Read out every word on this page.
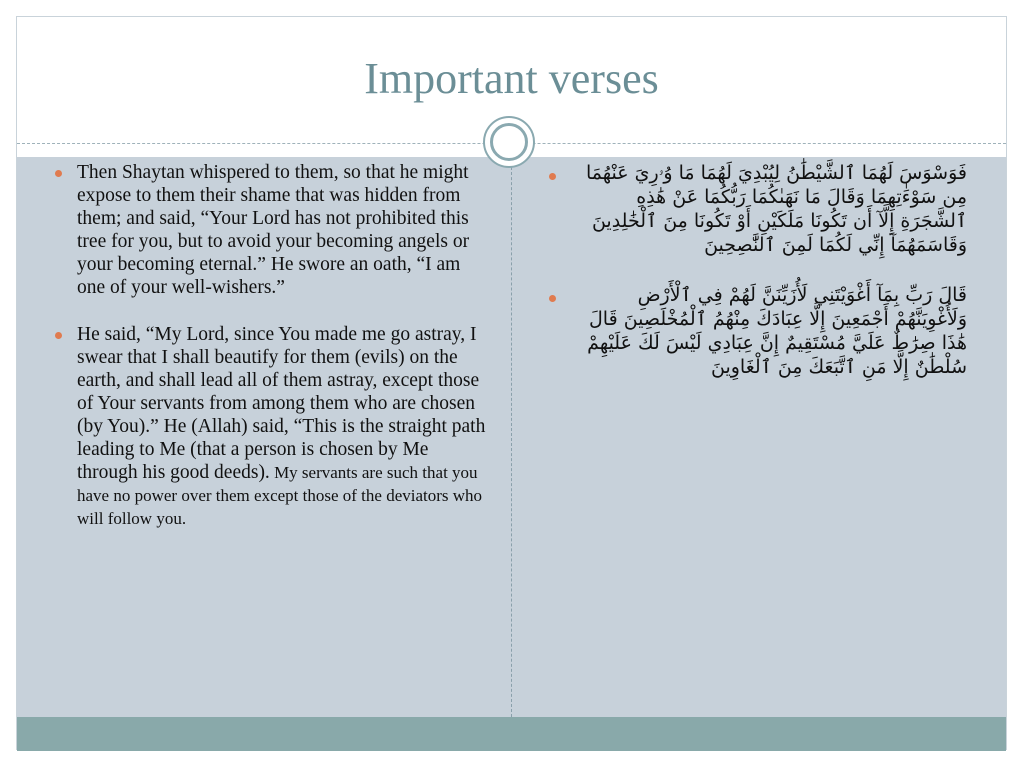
Important verses
Then Shaytan whispered to them, so that he might expose to them their shame that was hidden from them; and said, “Your Lord has not prohibited this tree for you, but to avoid your becoming angels or your becoming eternal.” He swore an oath, “I am one of your well-wishers.”
He said, “My Lord, since You made me go astray, I swear that I shall beautify for them (evils) on the earth, and shall lead all of them astray, except those of Your servants from among them who are chosen (by You).” He (Allah) said, “This is the straight path leading to Me (that a person is chosen by Me through his good deeds). My servants are such that you have no power over them except those of the deviators who will follow you.
فَوَسْوَسَ لَهُمَا ٱلشَّيْطَٰنُ لِيُبْدِيَ لَهُمَا مَا وُۥرِيَ عَنْهُمَا مِن سَوْءَٰتِهِمَا وَقَالَ مَا نَهَىٰكُمَا رَبُّكُمَا عَنْ هَٰذِهِ ٱلشَّجَرَةِ إِلَّآ أَن تَكُونَا مَلَكَيْنِ أَوْ تَكُونَا مِنَ ٱلْخَٰلِدِينَ وَقَاسَمَهُمَآ إِنِّي لَكُمَا لَمِنَ ٱلنَّٰصِحِينَ
قَالَ رَبِّ بِمَآ أَغْوَيْتَنِي لَأُزَيِّنَنَّ لَهُمْ فِي ٱلْأَرْضِ وَلَأُغْوِيَنَّهُمْ أَجْمَعِينَ إِلَّا عِبَادَكَ مِنْهُمُ ٱلْمُخْلَصِينَ قَالَ هَٰذَا صِرَٰطٌ عَلَيَّ مُسْتَقِيمٌ إِنَّ عِبَادِي لَيْسَ لَكَ عَلَيْهِمْ سُلْطَٰنٌ إِلَّا مَنِ ٱتَّبَعَكَ مِنَ ٱلْغَاوِينَ
